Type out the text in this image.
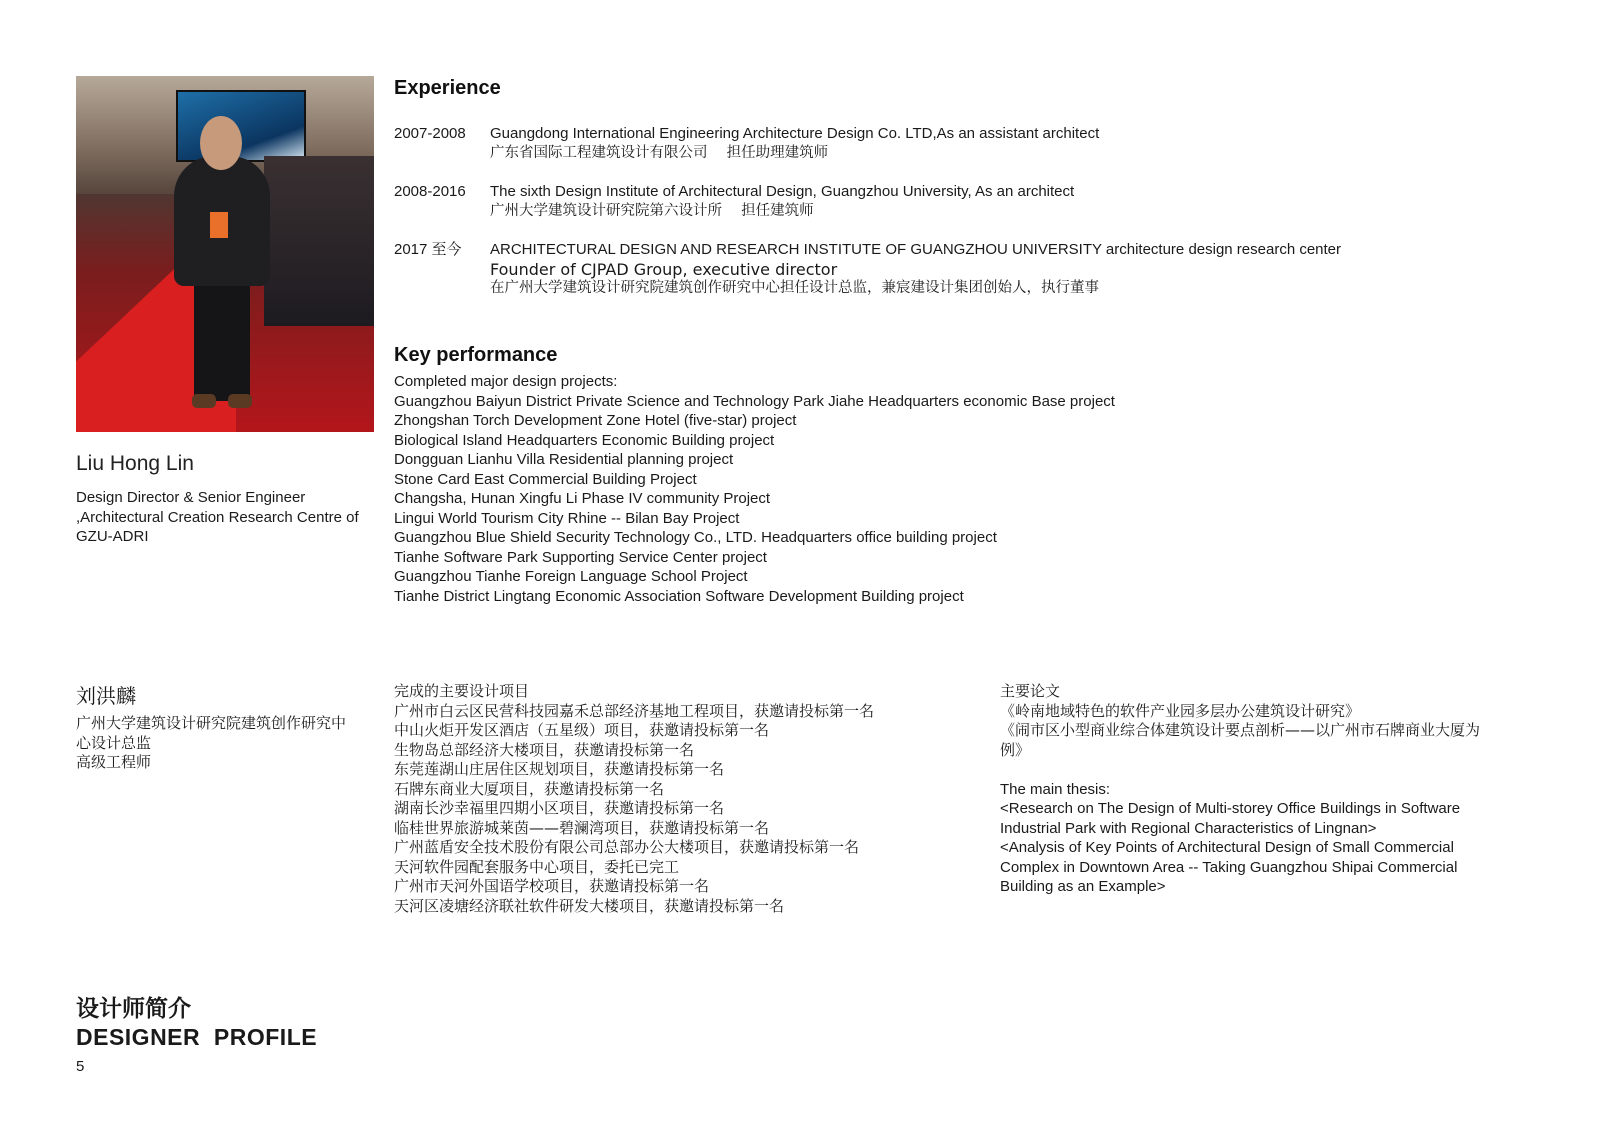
Liu Hong Lin
Design Director & Senior Engineer ,Architectural Creation Research Centre of GZU-ADRI
刘洪麟
广州大学建筑设计研究院建筑创作研究中
心设计总监
高级工程师
Experience
2007-2008 Guangdong International Engineering Architecture Design Co. LTD,As an assistant architect
广东省国际工程建筑设计有限公司　 担任助理建筑师
2008-2016 The sixth Design Institute of Architectural Design, Guangzhou University, As an architect
广州大学建筑设计研究院第六设计所　 担任建筑师
2017 至今 ARCHITECTURAL DESIGN AND RESEARCH INSTITUTE OF GUANGZHOU UNIVERSITY architecture design research center
Founder of CJPAD Group, executive director
在广州大学建筑设计研究院建筑创作研究中心担任设计总监，兼宸建设计集团创始人，执行董事
Key performance
Completed major design projects:
Guangzhou Baiyun District Private Science and Technology Park Jiahe Headquarters economic Base project
Zhongshan Torch Development Zone Hotel (five-star) project
Biological Island Headquarters Economic Building project
Dongguan Lianhu Villa Residential planning project
Stone Card East Commercial Building Project
Changsha, Hunan Xingfu Li Phase IV community Project
Lingui World Tourism City Rhine -- Bilan Bay Project
Guangzhou Blue Shield Security Technology Co., LTD. Headquarters office building project
Tianhe Software Park Supporting Service Center project
Guangzhou Tianhe Foreign Language School Project
Tianhe District Lingtang Economic Association Software Development Building project
完成的主要设计项目
广州市白云区民营科技园嘉禾总部经济基地工程项目，获邀请投标第一名
中山火炬开发区酒店（五星级）项目，获邀请投标第一名
生物岛总部经济大楼项目，获邀请投标第一名
东莞莲湖山庄居住区规划项目，获邀请投标第一名
石牌东商业大厦项目，获邀请投标第一名
湖南长沙幸福里四期小区项目，获邀请投标第一名
临桂世界旅游城莱茵——碧澜湾项目，获邀请投标第一名
广州蓝盾安全技术股份有限公司总部办公大楼项目，获邀请投标第一名
天河软件园配套服务中心项目，委托已完工
广州市天河外国语学校项目，获邀请投标第一名
天河区凌塘经济联社软件研发大楼项目，获邀请投标第一名
主要论文
《岭南地域特色的软件产业园多层办公建筑设计研究》
《闹市区小型商业综合体建筑设计要点剖析——以广州市石牌商业大厦为
例》
The main thesis:
<Research on The Design of Multi-storey Office Buildings in Software
Industrial Park with Regional Characteristics of Lingnan>
<Analysis of Key Points of Architectural Design of Small Commercial
Complex in Downtown Area -- Taking Guangzhou Shipai Commercial
Building as an Example>
设计师简介
DESIGNER  PROFILE
5
